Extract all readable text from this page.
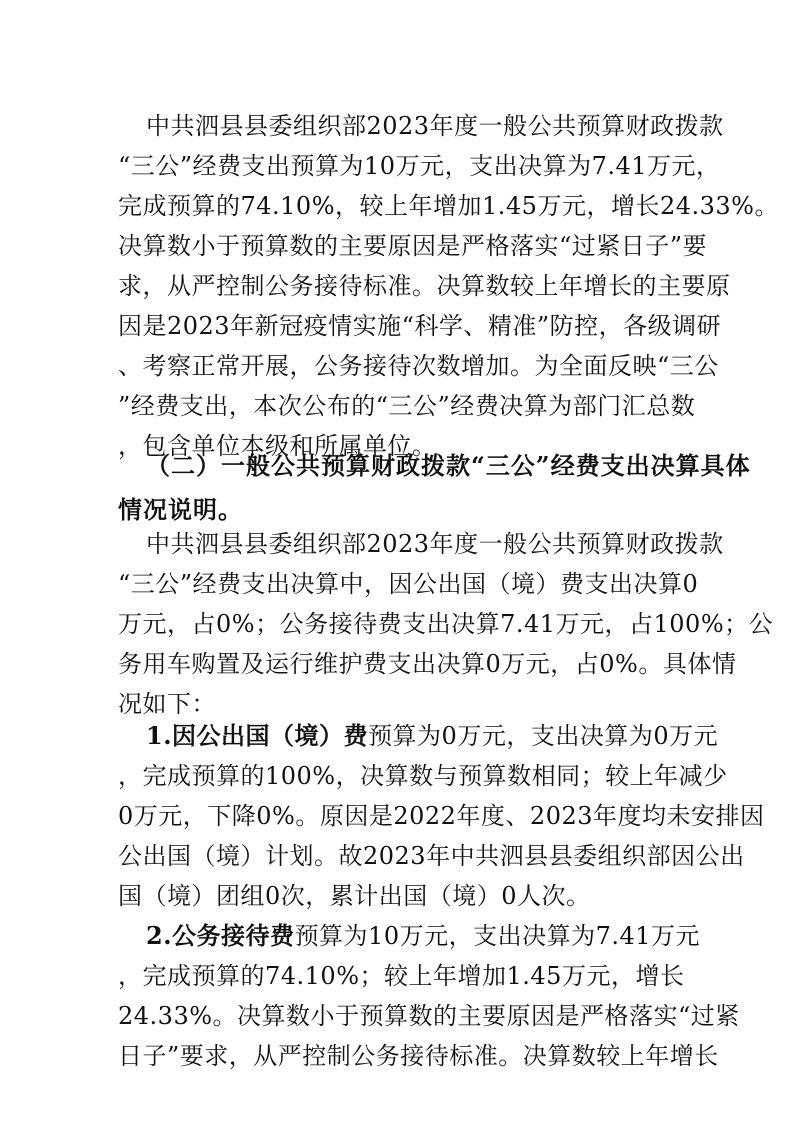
中共泗县县委组织部2023年度一般公共预算财政拨款
“三公”经费支出预算为10万元，支出决算为7.41万元，
完成预算的74.10%，较上年增加1.45万元，增长24.33%。
决算数小于预算数的主要原因是严格落实“过紧日子”要
求，从严控制公务接待标准。决算数较上年增长的主要原
因是2023年新冠疫情实施“科学、精准”防控，各级调研
、考察正常开展，公务接待次数增加。为全面反映“三公
”经费支出，本次公布的“三公”经费决算为部门汇总数
，包含单位本级和所属单位。
（二）一般公共预算财政拨款“三公”经费支出决算具体
情况说明。
中共泗县县委组织部2023年度一般公共预算财政拨款
“三公”经费支出决算中，因公出国（境）费支出决算0
万元，占0%；公务接待费支出决算7.41万元，占100%；公
务用车购置及运行维护费支出决算0万元，占0%。具体情
况如下：
1.因公出国（境）费预算为0万元，支出决算为0万元
，完成预算的100%，决算数与预算数相同；较上年减少
0万元，下降0%。原因是2022年度、2023年度均未安排因
公出国（境）计划。故2023年中共泗县县委组织部因公出
国（境）团组0次，累计出国（境）0人次。
2.公务接待费预算为10万元，支出决算为7.41万元
，完成预算的74.10%；较上年增加1.45万元，增长
24.33%。决算数小于预算数的主要原因是严格落实“过紧
日子”要求，从严控制公务接待标准。决算数较上年增长
